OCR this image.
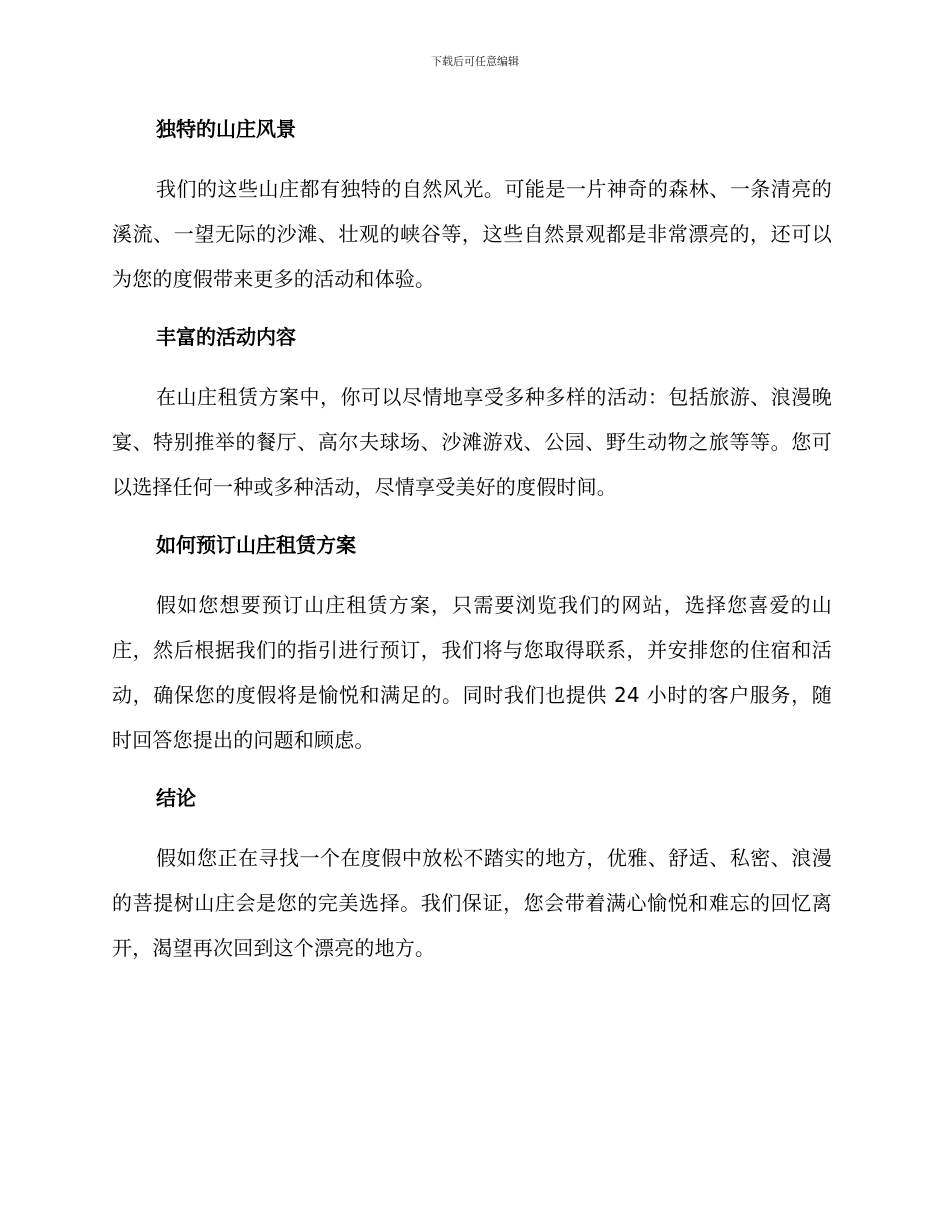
下载后可任意编辑
独特的山庄风景

我们的这些山庄都有独特的自然风光。可能是一片神奇的森林、一条清亮的溪流、一望无际的沙滩、壮观的峡谷等，这些自然景观都是非常漂亮的，还可以为您的度假带来更多的活动和体验。

丰富的活动内容

在山庄租赁方案中，你可以尽情地享受多种多样的活动：包括旅游、浪漫晚宴、特别推举的餐厅、高尔夫球场、沙滩游戏、公园、野生动物之旅等等。您可以选择任何一种或多种活动，尽情享受美好的度假时间。

如何预订山庄租赁方案

假如您想要预订山庄租赁方案，只需要浏览我们的网站，选择您喜爱的山庄，然后根据我们的指引进行预订，我们将与您取得联系，并安排您的住宿和活动，确保您的度假将是愉悦和满足的。同时我们也提供 24 小时的客户服务，随时回答您提出的问题和顾虑。

结论

假如您正在寻找一个在度假中放松不踏实的地方，优雅、舒适、私密、浪漫的菩提树山庄会是您的完美选择。我们保证，您会带着满心愉悦和难忘的回忆离开，渴望再次回到这个漂亮的地方。
